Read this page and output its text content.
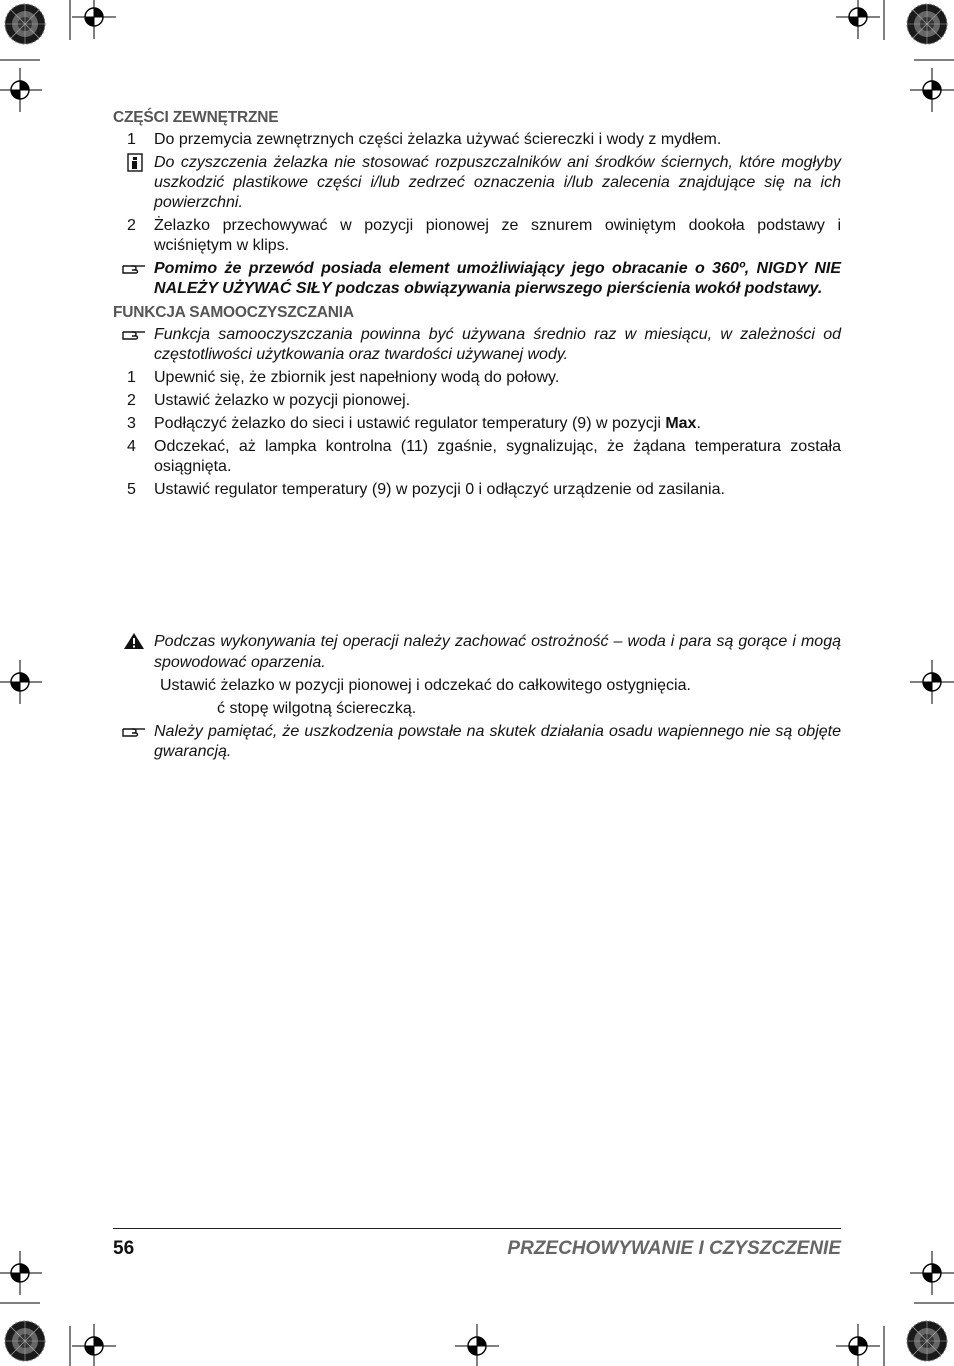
CZĘŚCI ZEWNĘTRZNE
1 Do przemycia zewnętrznych części żelazka używać ściereczki i wody z mydłem.
Do czyszczenia żelazka nie stosować rozpuszczalników ani środków ściernych, które mogłyby uszkodzić plastikowe części i/lub zedrzeć oznaczenia i/lub zalecenia znajdujące się na ich powierzchni.
2 Żelazko przechowywać w pozycji pionowej ze sznurem owiniętym dookoła podstawy i wciśniętym w klips.
Pomimo że przewód posiada element umożliwiający jego obracanie o 360º, NIGDY NIE NALEŻY UŻYWAĆ SIŁY podczas obwiązywania pierwszego pierścienia wokół podstawy.
FUNKCJA SAMOOCZYSZCZANIA
Funkcja samooczyszczania powinna być używana średnio raz w miesiącu, w zależności od częstotliwości użytkowania oraz twardości używanej wody.
1 Upewnić się, że zbiornik jest napełniony wodą do połowy.
2 Ustawić żelazko w pozycji pionowej.
3 Podłączyć żelazko do sieci i ustawić regulator temperatury (9) w pozycji Max.
4 Odczekać, aż lampka kontrolna (11) zgaśnie, sygnalizując, że żądana temperatura została osiągnięta.
5 Ustawić regulator temperatury (9) w pozycji 0 i odłączyć urządzenie od zasilania.
Podczas wykonywania tej operacji należy zachować ostrożność – woda i para są gorące i mogą spowodować oparzenia.
Ustawić żelazko w pozycji pionowej i odczekać do całkowitego ostygnięcia.
ć stopę wilgotną ściereczką.
Należy pamiętać, że uszkodzenia powstałe na skutek działania osadu wapiennego nie są objęte gwarancją.
56	PRZECHOWYWANIE I CZYSZCZENIE
